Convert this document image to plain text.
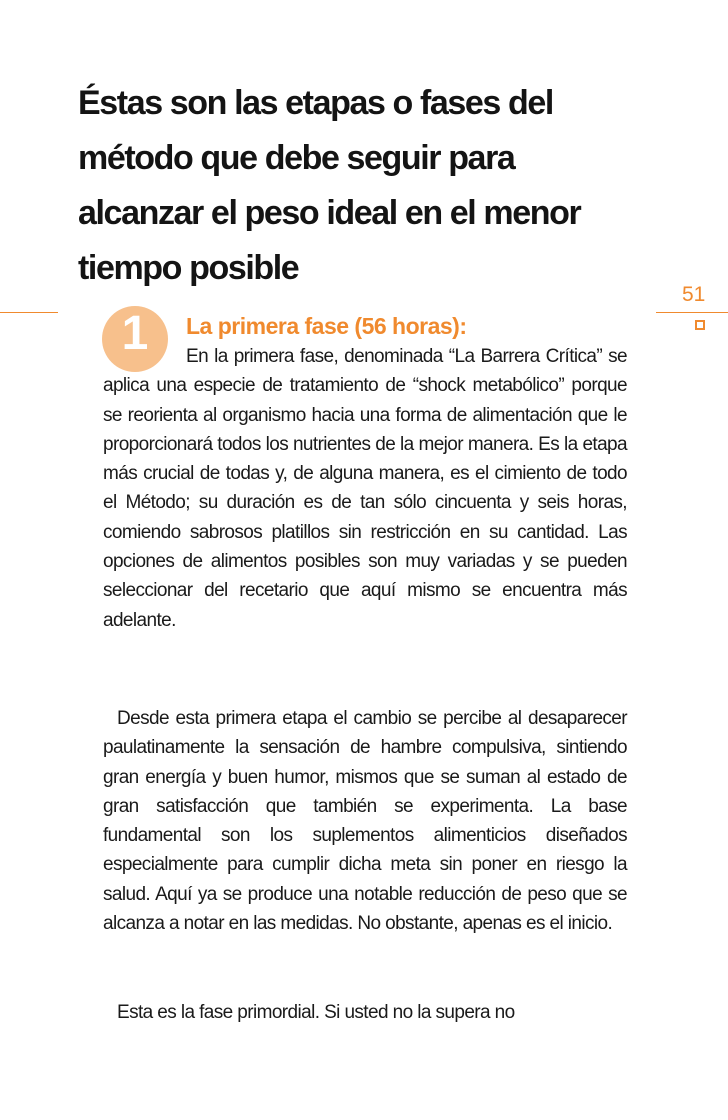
Éstas son las etapas o fases del método que debe seguir para alcanzar el peso ideal en el menor tiempo posible
51
1	La primera fase (56 horas):

En la primera fase, denominada “La Barrera Crítica” se aplica una especie de tratamiento de “shock metabólico” porque se reorienta al organismo hacia una forma de alimentación que le proporcionará todos los nutrientes de la mejor manera. Es la etapa más crucial de todas y, de alguna manera, es el cimiento de todo el Método; su duración es de tan sólo cincuenta y seis horas, comiendo sabrosos platillos sin restricción en su cantidad. Las opciones de alimentos posibles son muy variadas y se pueden seleccionar del recetario que aquí mismo se encuentra más adelante.

Desde esta primera etapa el cambio se percibe al desaparecer paulatinamente la sensación de hambre compulsiva, sintiendo gran energía y buen humor, mismos que se suman al estado de gran satisfacción que también se experimenta. La base fundamental son los suplementos alimenticios diseñados especialmente para cumplir dicha meta sin poner en riesgo la salud. Aquí ya se produce una notable reducción de peso que se alcanza a notar en las medidas. No obstante, apenas es el inicio.

Esta es la fase primordial. Si usted no la supera no
